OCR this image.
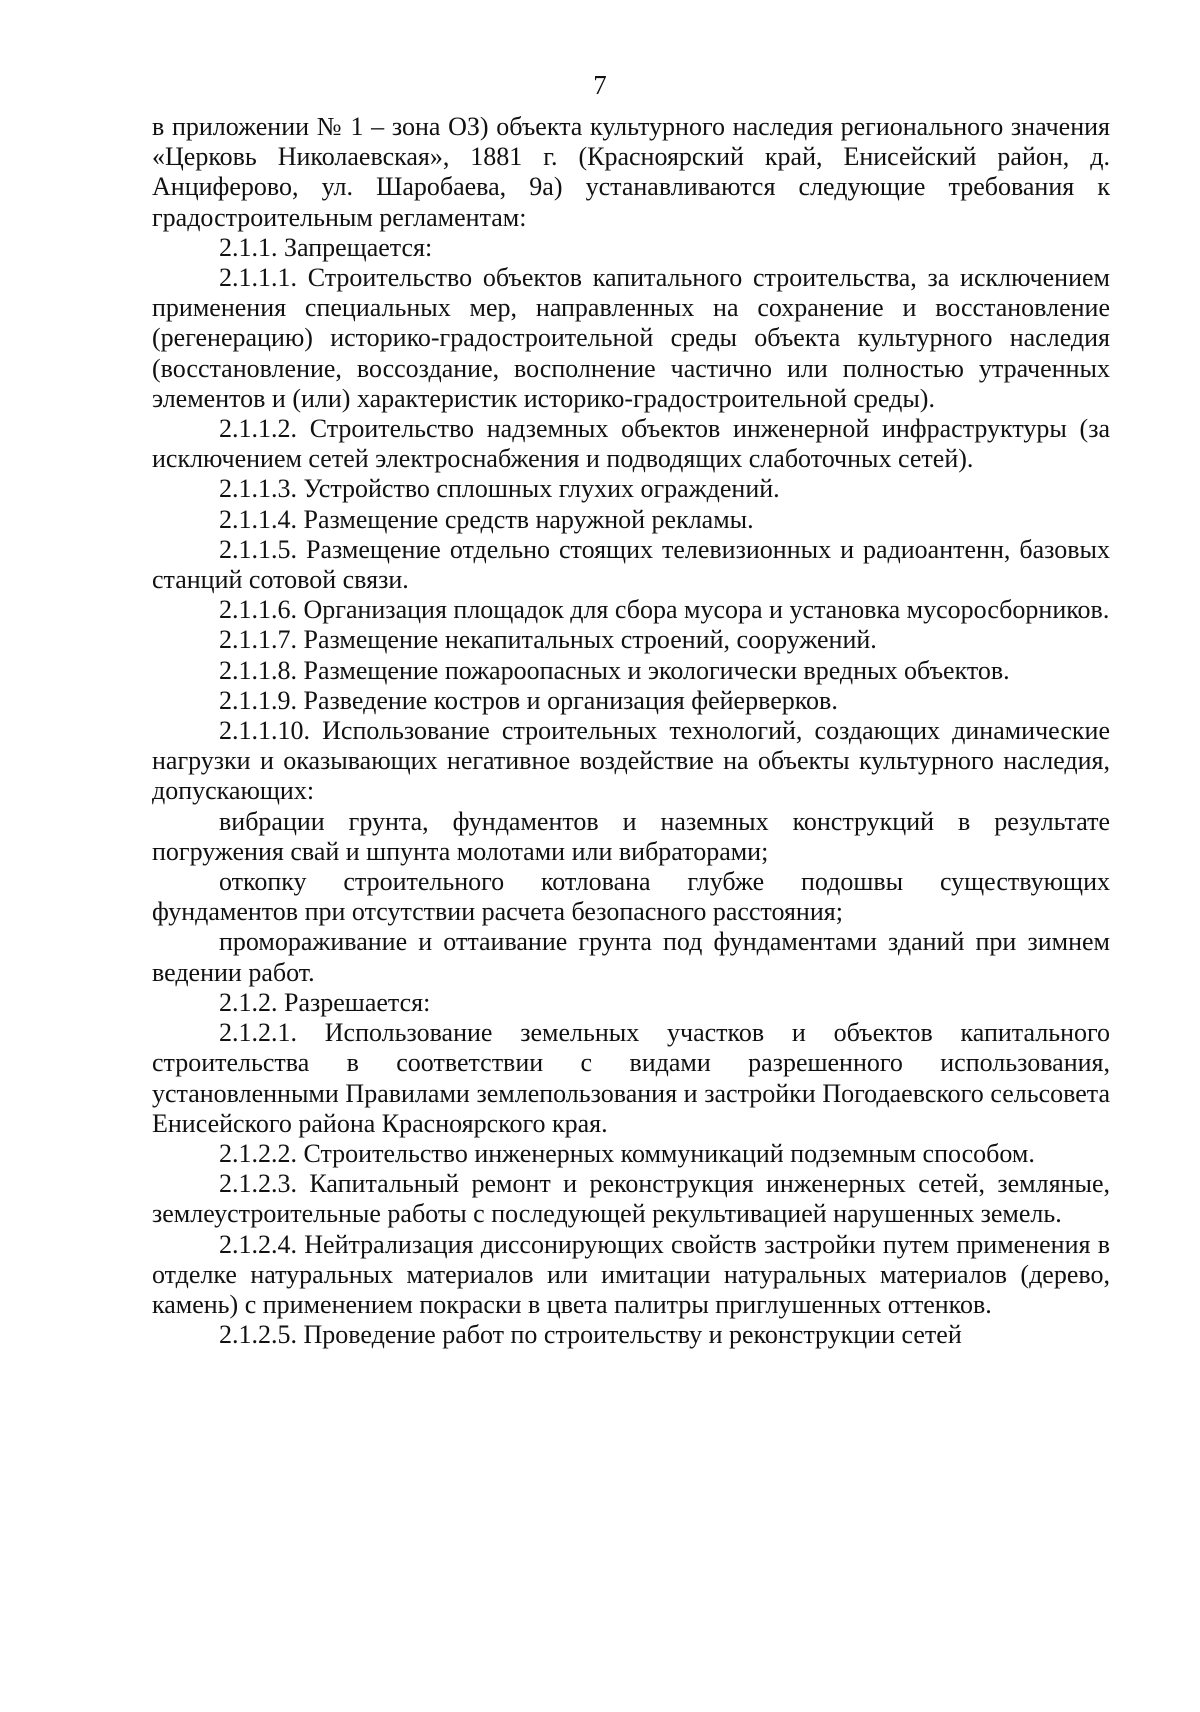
7

в приложении № 1 – зона ОЗ) объекта культурного наследия регионального значения «Церковь Николаевская», 1881 г. (Красноярский край, Енисейский район, д. Анциферово, ул. Шаробаева, 9а) устанавливаются следующие требования к градостроительным регламентам:

2.1.1. Запрещается:

2.1.1.1. Строительство объектов капитального строительства, за исключением применения специальных мер, направленных на сохранение и восстановление (регенерацию) историко-градостроительной среды объекта культурного наследия (восстановление, воссоздание, восполнение частично или полностью утраченных элементов и (или) характеристик историко-градостроительной среды).

2.1.1.2. Строительство надземных объектов инженерной инфраструктуры (за исключением сетей электроснабжения и подводящих слаботочных сетей).

2.1.1.3. Устройство сплошных глухих ограждений.

2.1.1.4. Размещение средств наружной рекламы.

2.1.1.5. Размещение отдельно стоящих телевизионных и радиоантенн, базовых станций сотовой связи.

2.1.1.6. Организация площадок для сбора мусора и установка мусоросборников.

2.1.1.7. Размещение некапитальных строений, сооружений.

2.1.1.8. Размещение пожароопасных и экологически вредных объектов.

2.1.1.9. Разведение костров и организация фейерверков.

2.1.1.10. Использование строительных технологий, создающих динамические нагрузки и оказывающих негативное воздействие на объекты культурного наследия, допускающих:

вибрации грунта, фундаментов и наземных конструкций в результате погружения свай и шпунта молотами или вибраторами;

откопку строительного котлована глубже подошвы существующих фундаментов при отсутствии расчета безопасного расстояния;

промораживание и оттаивание грунта под фундаментами зданий при зимнем ведении работ.

2.1.2. Разрешается:

2.1.2.1. Использование земельных участков и объектов капитального строительства в соответствии с видами разрешенного использования, установленными Правилами землепользования и застройки Погодаевского сельсовета Енисейского района Красноярского края.

2.1.2.2. Строительство инженерных коммуникаций подземным способом.

2.1.2.3. Капитальный ремонт и реконструкция инженерных сетей, земляные, землеустроительные работы с последующей рекультивацией нарушенных земель.

2.1.2.4. Нейтрализация диссонирующих свойств застройки путем применения в отделке натуральных материалов или имитации натуральных материалов (дерево, камень) с применением покраски в цвета палитры приглушенных оттенков.

2.1.2.5. Проведение работ по строительству и реконструкции сетей
